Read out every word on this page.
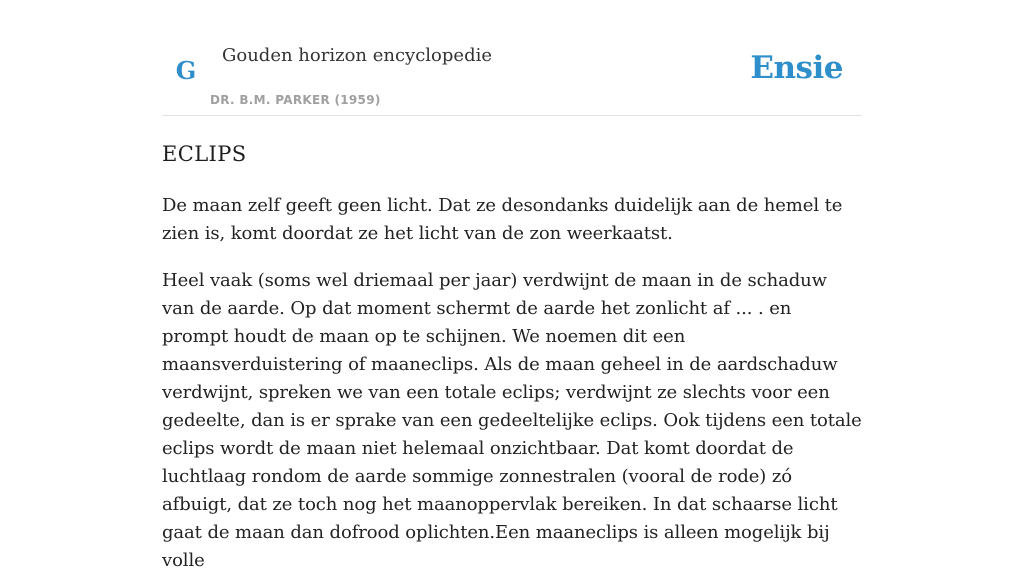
G
Gouden horizon encyclopedie
DR. B.M. PARKER (1959)
Ensie
ECLIPS

De maan zelf geeft geen licht. Dat ze desondanks duidelijk aan de hemel te zien is, komt doordat ze het licht van de zon weerkaatst.

Heel vaak (soms wel driemaal per jaar) verdwijnt de maan in de schaduw van de aarde. Op dat moment schermt de aarde het zonlicht af ... . en prompt houdt de maan op te schijnen. We noemen dit een maansverduistering of maaneclips. Als de maan geheel in de aardschaduw verdwijnt, spreken we van een totale eclips; verdwijnt ze slechts voor een gedeelte, dan is er sprake van een gedeeltelijke eclips. Ook tijdens een totale eclips wordt de maan niet helemaal onzichtbaar. Dat komt doordat de luchtlaag rondom de aarde sommige zonnestralen (vooral de rode) zó afbuigt, dat ze toch nog het maanoppervlak bereiken. In dat schaarse licht gaat de maan dan dofrood oplichten.Een maaneclips is alleen mogelijk bij volle
